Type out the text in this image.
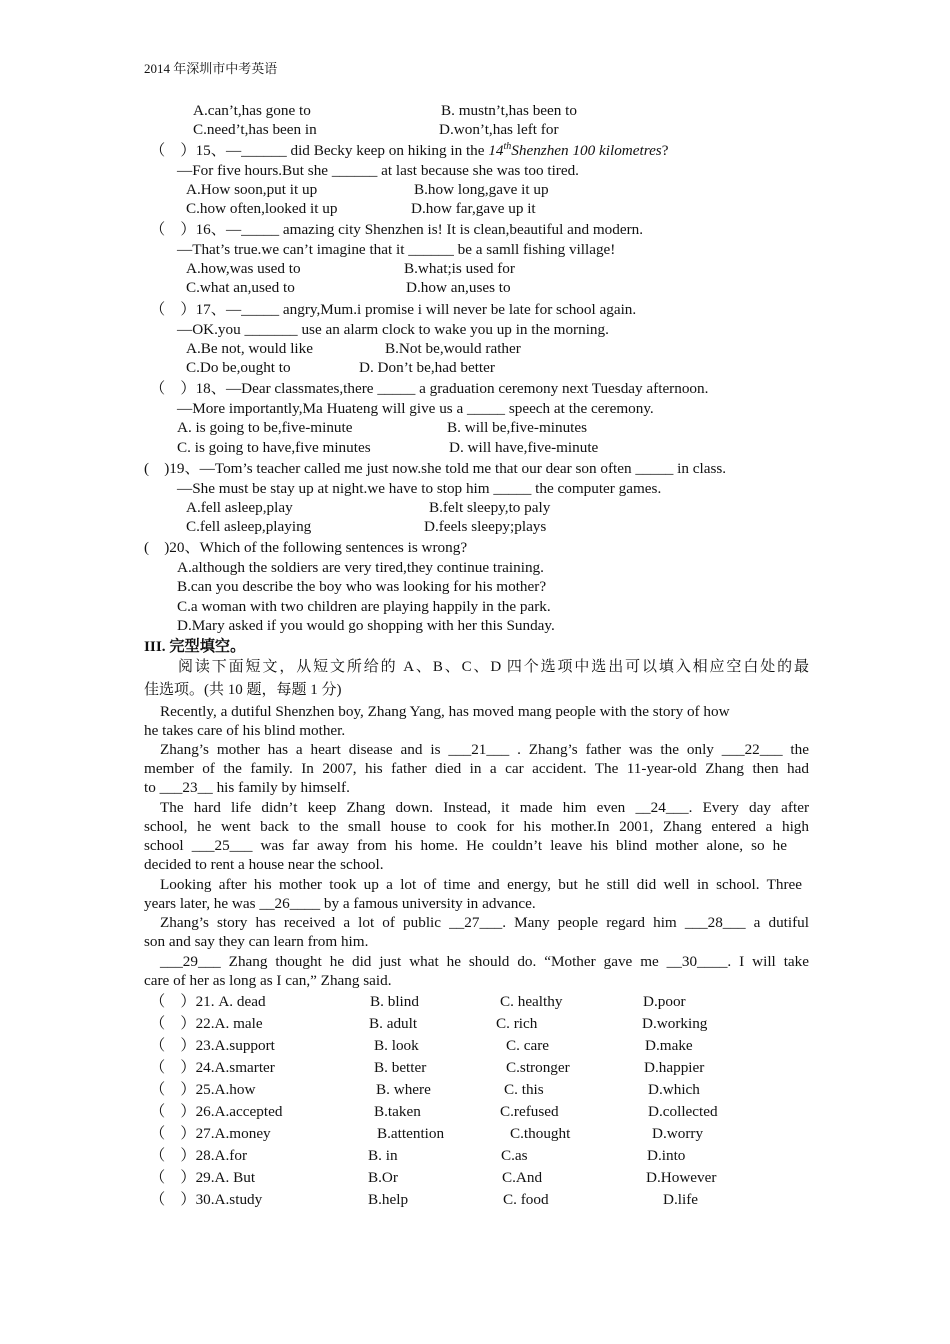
2014 年深圳市中考英语
A.can’t,has gone to	B. mustn’t,has been to
C.need’t,has been in	D.won’t,has left for
（    ）15、—______ did Becky keep on hiking in the 14thShenzhen 100 kilometres?
—For five hours.But she ______ at last because she was too tired.
A.How soon,put it up	B.how long,gave it up
C.how often,looked it up	D.how far,gave up it
（    ）16、—_____ amazing city Shenzhen is! It is clean,beautiful and modern.
—That’s true.we can’t imagine that it ______ be a samll fishing village!
A.how,was used to	B.what;is used for
C.what an,used to	D.how an,uses to
（    ）17、—_____ angry,Mum.i promise i will never be late for school again.
—OK.you _______ use an alarm clock to wake you up in the morning.
A.Be not, would like	B.Not be,would rather
C.Do be,ought to	D. Don’t be,had better
（    ）18、—Dear classmates,there _____ a graduation ceremony next Tuesday afternoon.
—More importantly,Ma Huateng will give us a _____ speech at the ceremony.
A. is going to be,five-minute	B. will be,five-minutes
C. is going to have,five minutes	D. will have,five-minute
(    )19、—Tom’s teacher called me just now.she told me that our dear son often _____ in class.
—She must be stay up at night.we have to stop him _____ the computer games.
A.fell asleep,play	B.felt sleepy,to paly
C.fell asleep,playing	D.feels sleepy;plays
(    )20、Which of the following sentences is wrong?
A.although the soldiers are very tired,they continue training.
B.can you describe the boy who was looking for his mother?
C.a woman with two children are playing happily in the park.
D.Mary asked if you would go shopping with her this Sunday.
III. 完型填空。
阅读下面短文，从短文所给的 A、B、C、D 四个选项中选出可以填入相应空白处的最
佳选项。(共 10 题，每题 1 分)
Recently, a dutiful Shenzhen boy, Zhang Yang, has moved mang people with the story of how
he takes care of his blind mother.
Zhang’s mother has a heart disease and is ___21___ . Zhang’s father was the only ___22___ the
member of the family. In 2007, his father died in a car accident. The 11-year-old Zhang then had
to ___23__ his family by himself.
The hard life didn’t keep Zhang down. Instead, it made him even __24___. Every day after
school, he went back to the small house to cook for his mother.In 2001, Zhang entered a high
school ___25___ was far away from his home. He couldn’t leave his blind mother alone, so he
decided to rent a house near the school.
Looking after his mother took up a lot of time and energy, but he still did well in school. Three
years later, he was __26____ by a famous university in advance.
Zhang’s story has received a lot of public __27___. Many people regard him ___28___ a dutiful
son and say they can learn from him.
___29___ Zhang thought he did just what he should do. “Mother gave me __30____. I will take
care of her as long as I can,” Zhang said.
（    ）21. A. dead	B. blind	C. healthy	D.poor
（    ）22.A. male	B. adult	C. rich	D.working
（    ）23.A.support	B. look	C. care	D.make
（    ）24.A.smarter	B. better	C.stronger	D.happier
（    ）25.A.how	B. where	C. this	D.which
（    ）26.A.accepted	B.taken	C.refused	D.collected
（    ）27.A.money	B.attention	C.thought	D.worry
（    ）28.A.for	B. in	C.as	D.into
（    ）29.A. But	B.Or	C.And	D.However
（    ）30.A.study	B.help	C. food	D.life
